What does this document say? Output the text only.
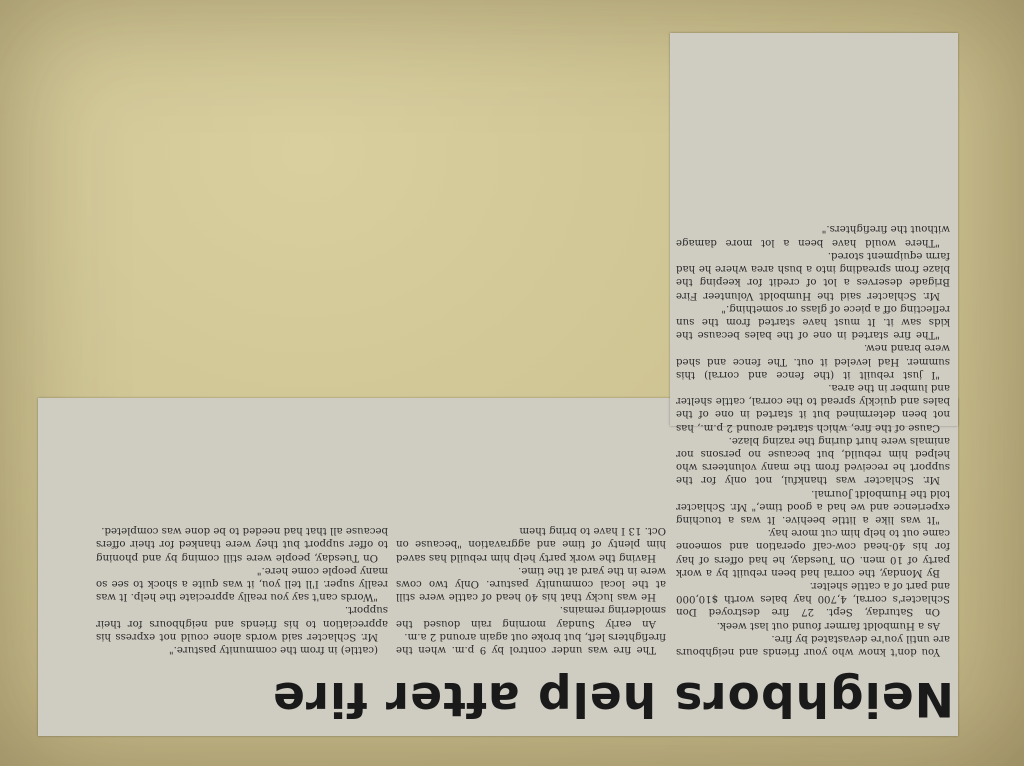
Neighbors help after fire

You don't know who your friends and neighbours are until you're devastated by fire.

As a Humboldt farmer found out last week.

On Saturday, Sept. 27 fire destroyed Don Schlacter's corral, 4,700 hay bales worth $10,000 and part of a cattle shelter.

By Monday, the corral had been rebuilt by a work party of 10 men. On Tuesday, he had offers of hay for his 40-head cow-calf operation and someone came out to help him cut more hay.

"It was like a little beehive. It was a touching experience and we had a good time," Mr. Schlacter told the Humboldt Journal.

Mr. Schlacter was thankful, not only for the support he received from the many volunteers who helped him rebuild, but because no persons nor animals were hurt during the razing blaze.

Cause of the fire, which started around 2 p.m., has not been determined but it started in one of the bales and quickly spread to the corral, cattle shelter and lumber in the area.

"I just rebuilt it (the fence and corral) this summer. Had leveled it out. The fence and shed were brand new.

"The fire started in one of the bales because the kids saw it. It must have started from the sun reflecting off a piece of glass or something."

Mr. Schlacter said the Humboldt Volunteer Fire Brigade deserves a lot of credit for keeping the blaze from spreading into a bush area where he had farm equipment stored.

"There would have been a lot more damage without the firefighters."

The fire was under control by 9 p.m. when the firefighters left, but broke out again around 2 a.m.

An early Sunday morning rain doused the smoldering remains.

He was lucky that his 40 head of cattle were still at the local community pasture. Only two cows were in the yard at the time.

Having the work party help him rebuild has saved him plenty of time and aggravation "because on Oct. 13 I have to bring them

(cattle) in from the community pasture."

Mr. Schlacter said words alone could not express his appreciation to his friends and neighbours for their support.

"Words can't say you really appreciate the help. It was really super. I'll tell you, it was quite a shock to see so many people come here."

On Tuesday, people were still coming by and phoning to offer support but they were thanked for their offers because all that had needed to be done was completed.
